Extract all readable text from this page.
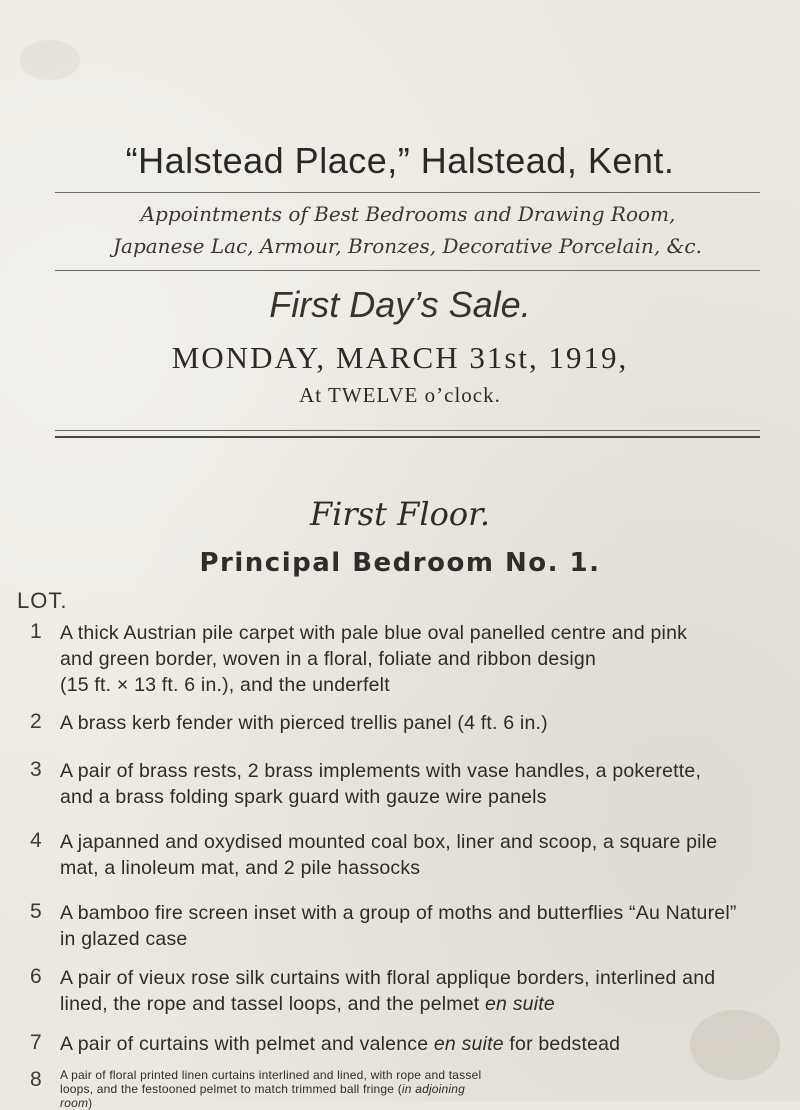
“Halstead Place,” Halstead, Kent.
Appointments of Best Bedrooms and Drawing Room,
Japanese Lac, Armour, Bronzes, Decorative Porcelain, &c.
First Day’s Sale.
MONDAY, MARCH 31st, 1919,
At TWELVE o’clock.
First Floor.
Principal Bedroom No. 1.
LOT.
1 A thick Austrian pile carpet with pale blue oval panelled centre and pink
and green border, woven in a floral, foliate and ribbon design
(15 ft. × 13 ft. 6 in.), and the underfelt
2 A brass kerb fender with pierced trellis panel (4 ft. 6 in.)
3 A pair of brass rests, 2 brass implements with vase handles, a pokerette,
and a brass folding spark guard with gauze wire panels
4 A japanned and oxydised mounted coal box, liner and scoop, a square pile
mat, a linoleum mat, and 2 pile hassocks
5 A bamboo fire screen inset with a group of moths and butterflies “Au Naturel”
in glazed case
6 A pair of vieux rose silk curtains with floral applique borders, interlined and
lined, the rope and tassel loops, and the pelmet en suite
7 A pair of curtains with pelmet and valence en suite for bedstead
8 A pair of floral printed linen curtains interlined and lined, with rope and tassel
loops, and the festooned pelmet to match trimmed ball fringe (in adjoining
room)
